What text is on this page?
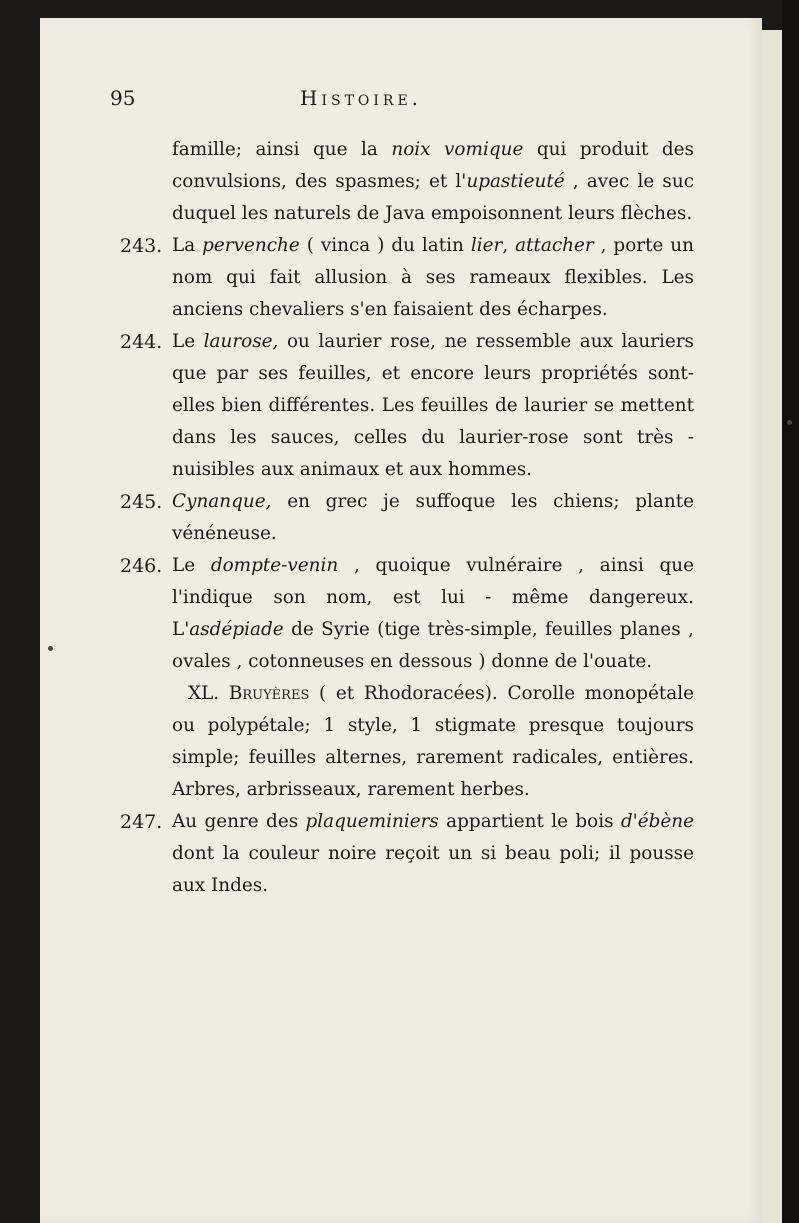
95	Histoire.
famille; ainsi que la noix vomique qui produit des convulsions, des spasmes; et l'upastieuté , avec le suc duquel les naturels de Java empoisonnent leurs flèches.
243. La pervenche ( vinca ) du latin lier, attacher , porte un nom qui fait allusion à ses rameaux flexibles. Les anciens chevaliers s'en faisaient des écharpes.
244. Le laurose, ou laurier rose, ne ressemble aux lauriers que par ses feuilles, et encore leurs propriétés sont-elles bien différentes. Les feuilles de laurier se mettent dans les sauces, celles du laurier-rose sont très - nuisibles aux animaux et aux hommes.
245. Cynanque, en grec je suffoque les chiens; plante vénéneuse.
246. Le dompte-venin , quoique vulnéraire , ainsi que l'indique son nom, est lui - même dangereux. L'asdépiade de Syrie (tige très-simple, feuilles planes , ovales , cotonneuses en dessous ) donne de l'ouate.
XL. Bruyères ( et Rhodoracées). Corolle monopétale ou polypétale; 1 style, 1 stigmate presque toujours simple; feuilles alternes, rarement radicales, entières. Arbres, arbrisseaux, rarement herbes.
247. Au genre des plaqueminiers appartient le bois d'ébène dont la couleur noire reçoit un si beau poli; il pousse aux Indes.
